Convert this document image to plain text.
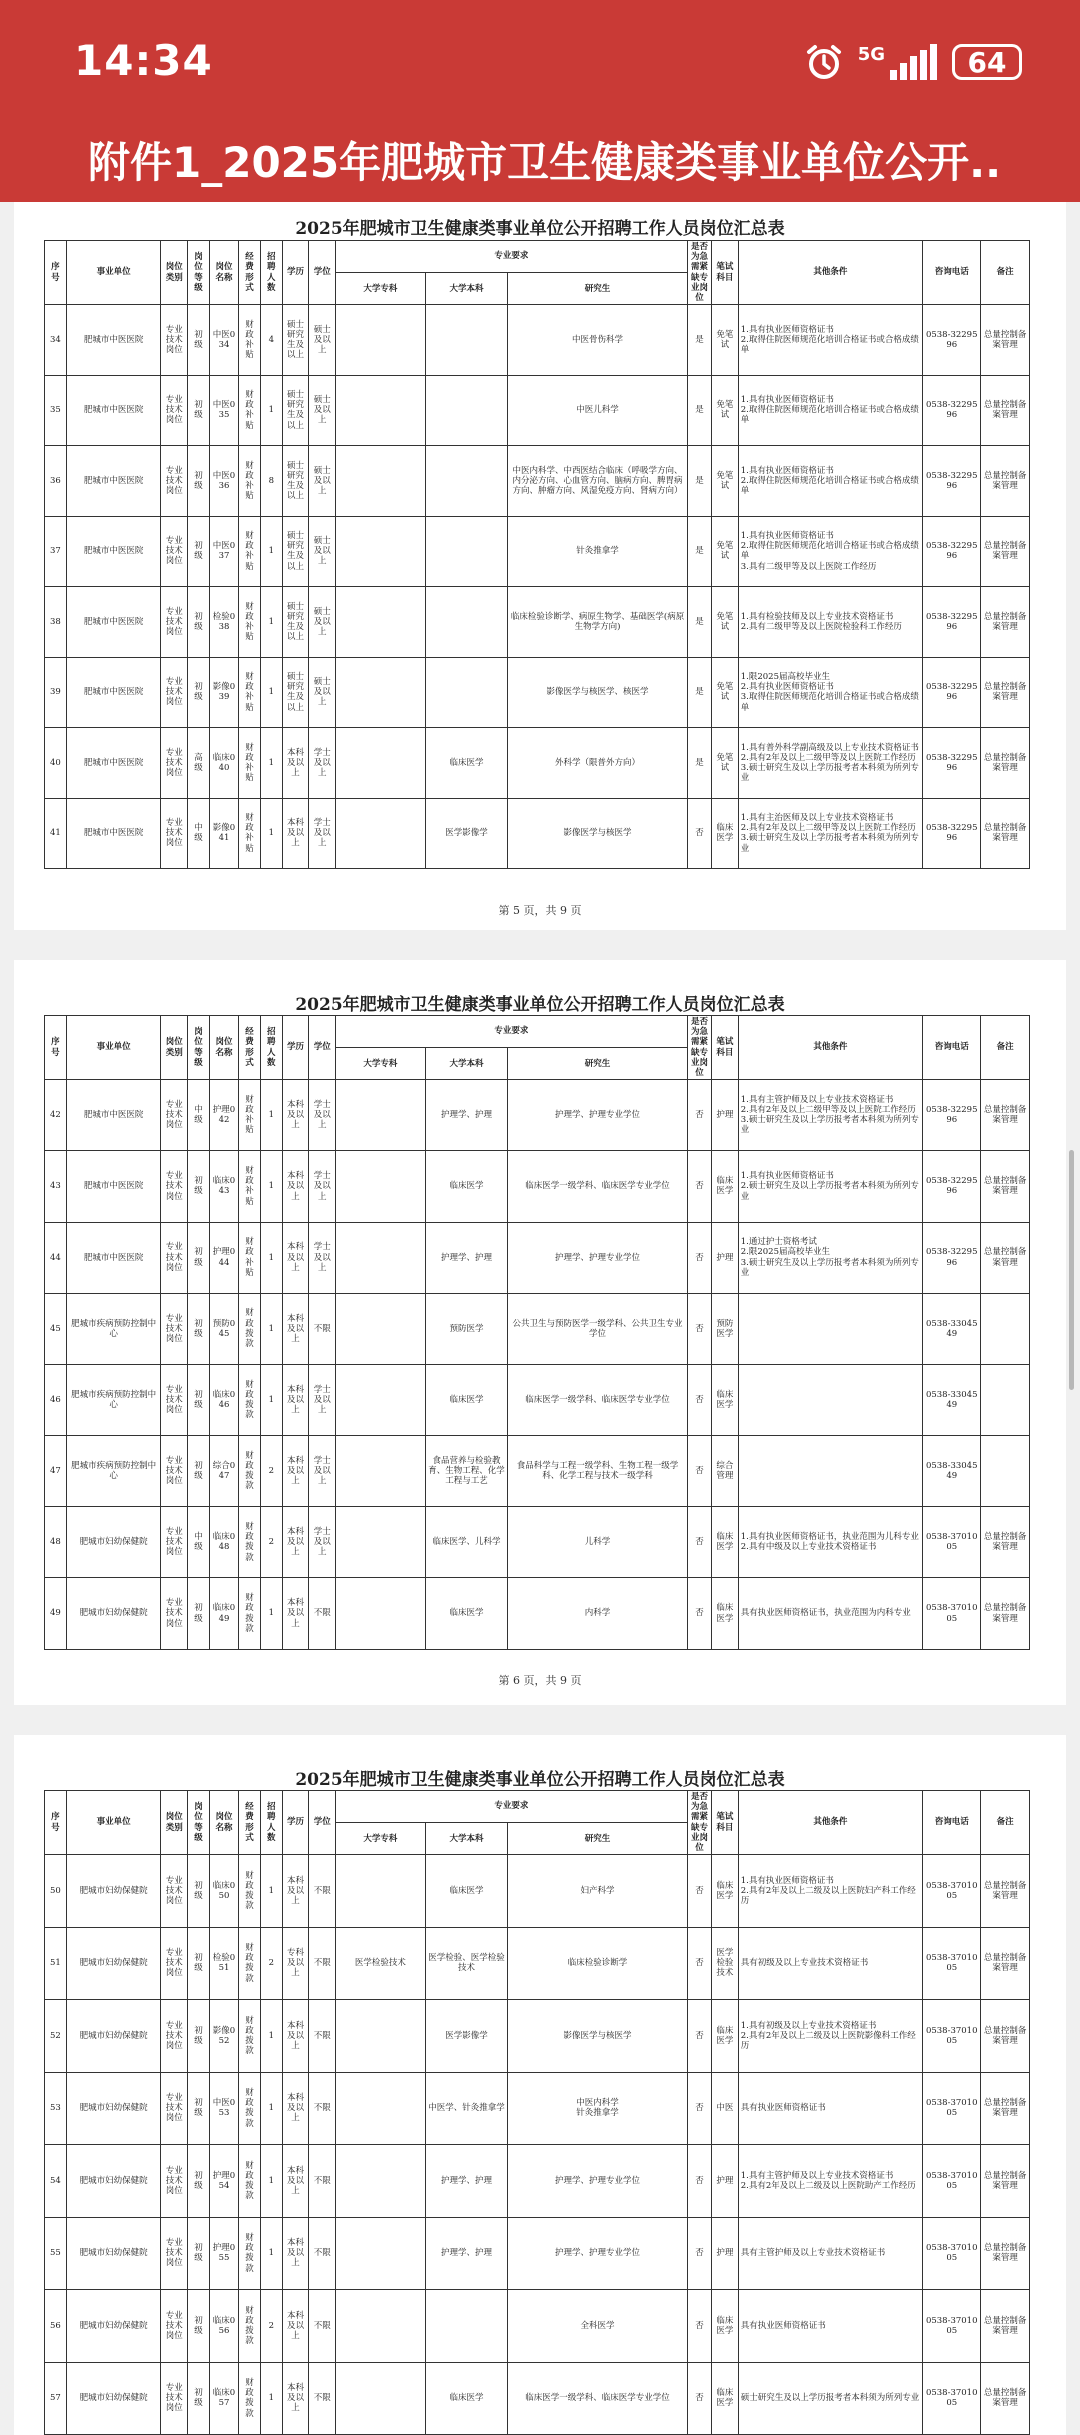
14:34	5G	64
附件1_2025年肥城市卫生健康类事业单位公开..
2025年肥城市卫生健康类事业单位公开招聘工作人员岗位汇总表
序号	事业单位	岗位类别	岗位等级	岗位名称	经费形式	招聘人数	学历	学位	专业要求			是否为急需紧缺专业岗位	笔试科目	其他条件	咨询电话	备注
									大学专科	大学本科	研究生					
34	肥城市中医医院	专业技术岗位	初级	中医034	财政补贴	4	硕士研究生及以上	硕士及以上			中医骨伤科学	是	免笔试	1.具有执业医师资格证书
2.取得住院医师规范化培训合格证书或合格成绩单	0538-3229596	总量控制备案管理
35	肥城市中医医院	专业技术岗位	初级	中医035	财政补贴	1	硕士研究生及以上	硕士及以上			中医儿科学	是	免笔试	1.具有执业医师资格证书
2.取得住院医师规范化培训合格证书或合格成绩单	0538-3229596	总量控制备案管理
36	肥城市中医医院	专业技术岗位	初级	中医036	财政补贴	8	硕士研究生及以上	硕士及以上			中医内科学、中西医结合临床（呼吸学方向、内分泌方向、心血管方向、脑病方向、脾胃病方向、肿瘤方向、风湿免疫方向、肾病方向）	是	免笔试	1.具有执业医师资格证书
2.取得住院医师规范化培训合格证书或合格成绩单	0538-3229596	总量控制备案管理
37	肥城市中医医院	专业技术岗位	初级	中医037	财政补贴	1	硕士研究生及以上	硕士及以上			针灸推拿学	是	免笔试	1.具有执业医师资格证书
2.取得住院医师规范化培训合格证书或合格成绩单
3.具有二级甲等及以上医院工作经历	0538-3229596	总量控制备案管理
38	肥城市中医医院	专业技术岗位	初级	检验038	财政补贴	1	硕士研究生及以上	硕士及以上			临床检验诊断学、病原生物学、基础医学(病原生物学方向)	是	免笔试	1.具有检验技师及以上专业技术资格证书
2.具有二级甲等及以上医院检验科工作经历	0538-3229596	总量控制备案管理
39	肥城市中医医院	专业技术岗位	初级	影像039	财政补贴	1	硕士研究生及以上	硕士及以上			影像医学与核医学、核医学	是	免笔试	1.限2025届高校毕业生
2.具有执业医师资格证书
3.取得住院医师规范化培训合格证书或合格成绩单	0538-3229596	总量控制备案管理
40	肥城市中医医院	专业技术岗位	高级	临床040	财政补贴	1	本科及以上	学士及以上		临床医学	外科学（限普外方向）	是	免笔试	1.具有普外科学副高级及以上专业技术资格证书
2.具有2年及以上二级甲等及以上医院工作经历
3.硕士研究生及以上学历报考者本科须为所列专业	0538-3229596	总量控制备案管理
41	肥城市中医医院	专业技术岗位	中级	影像041	财政补贴	1	本科及以上	学士及以上		医学影像学	影像医学与核医学	否	临床医学	1.具有主治医师及以上专业技术资格证书
2.具有2年及以上二级甲等及以上医院工作经历
3.硕士研究生及以上学历报考者本科须为所列专业	0538-3229596	总量控制备案管理
第 5 页，共 9 页
2025年肥城市卫生健康类事业单位公开招聘工作人员岗位汇总表
序号	事业单位	岗位类别	岗位等级	岗位名称	经费形式	招聘人数	学历	学位	专业要求			是否为急需紧缺专业岗位	笔试科目	其他条件	咨询电话	备注
									大学专科	大学本科	研究生					
42	肥城市中医医院	专业技术岗位	中级	护理042	财政补贴	1	本科及以上	学士及以上		护理学、护理	护理学、护理专业学位	否	护理	1.具有主管护师及以上专业技术资格证书
2.具有2年及以上二级甲等及以上医院工作经历
3.硕士研究生及以上学历报考者本科须为所列专业	0538-3229596	总量控制备案管理
43	肥城市中医医院	专业技术岗位	初级	临床043	财政补贴	1	本科及以上	学士及以上		临床医学	临床医学一级学科、临床医学专业学位	否	临床医学	1.具有执业医师资格证书
2.硕士研究生及以上学历报考者本科须为所列专业	0538-3229596	总量控制备案管理
44	肥城市中医医院	专业技术岗位	初级	护理044	财政补贴	1	本科及以上	学士及以上		护理学、护理	护理学、护理专业学位	否	护理	1.通过护士资格考试
2.限2025届高校毕业生
3.硕士研究生及以上学历报考者本科须为所列专业	0538-3229596	总量控制备案管理
45	肥城市疾病预防控制中心	专业技术岗位	初级	预防045	财政拨款	1	本科及以上	不限		预防医学	公共卫生与预防医学一级学科、公共卫生专业学位	否	预防医学		0538-3304549	
46	肥城市疾病预防控制中心	专业技术岗位	初级	临床046	财政拨款	1	本科及以上	学士及以上		临床医学	临床医学一级学科、临床医学专业学位	否	临床医学		0538-3304549	
47	肥城市疾病预防控制中心	专业技术岗位	初级	综合047	财政拨款	2	本科及以上	学士及以上		食品营养与检验教育、生物工程、化学工程与工艺	食品科学与工程一级学科、生物工程一级学科、化学工程与技术一级学科	否	综合管理		0538-3304549	
48	肥城市妇幼保健院	专业技术岗位	中级	临床048	财政拨款	2	本科及以上	学士及以上		临床医学、儿科学	儿科学	否	临床医学	1.具有执业医师资格证书，执业范围为儿科专业
2.具有中级及以上专业技术资格证书	0538-3701005	总量控制备案管理
49	肥城市妇幼保健院	专业技术岗位	初级	临床049	财政拨款	1	本科及以上	不限		临床医学	内科学	否	临床医学	具有执业医师资格证书，执业范围为内科专业	0538-3701005	总量控制备案管理
第 6 页，共 9 页
2025年肥城市卫生健康类事业单位公开招聘工作人员岗位汇总表
序号	事业单位	岗位类别	岗位等级	岗位名称	经费形式	招聘人数	学历	学位	专业要求			是否为急需紧缺专业岗位	笔试科目	其他条件	咨询电话	备注
									大学专科	大学本科	研究生					
50	肥城市妇幼保健院	专业技术岗位	初级	临床050	财政拨款	1	本科及以上	不限		临床医学	妇产科学	否	临床医学	1.具有执业医师资格证书
2.具有2年及以上二级及以上医院妇产科工作经历	0538-3701005	总量控制备案管理
51	肥城市妇幼保健院	专业技术岗位	初级	检验051	财政拨款	2	专科及以上	不限	医学检验技术	医学检验、医学检验技术	临床检验诊断学	否	医学检验技术	具有初级及以上专业技术资格证书	0538-3701005	总量控制备案管理
52	肥城市妇幼保健院	专业技术岗位	初级	影像052	财政拨款	1	本科及以上	不限		医学影像学	影像医学与核医学	否	临床医学	1.具有初级及以上专业技术资格证书
2.具有2年及以上二级及以上医院影像科工作经历	0538-3701005	总量控制备案管理
53	肥城市妇幼保健院	专业技术岗位	初级	中医053	财政拨款	1	本科及以上	不限		中医学、针灸推拿学	中医内科学
针灸推拿学	否	中医	具有执业医师资格证书	0538-3701005	总量控制备案管理
54	肥城市妇幼保健院	专业技术岗位	初级	护理054	财政拨款	1	本科及以上	不限		护理学、护理	护理学、护理专业学位	否	护理	1.具有主管护师及以上专业技术资格证书
2.具有2年及以上二级及以上医院助产工作经历	0538-3701005	总量控制备案管理
55	肥城市妇幼保健院	专业技术岗位	初级	护理055	财政拨款	1	本科及以上	不限		护理学、护理	护理学、护理专业学位	否	护理	具有主管护师及以上专业技术资格证书	0538-3701005	总量控制备案管理
56	肥城市妇幼保健院	专业技术岗位	初级	临床056	财政拨款	2	本科及以上	不限			全科医学	否	临床医学	具有执业医师资格证书	0538-3701005	总量控制备案管理
57	肥城市妇幼保健院	专业技术岗位	初级	临床057	财政拨款	1	本科及以上	不限		临床医学	临床医学一级学科、临床医学专业学位	否	临床医学	硕士研究生及以上学历报考者本科须为所列专业	0538-3701005	总量控制备案管理
